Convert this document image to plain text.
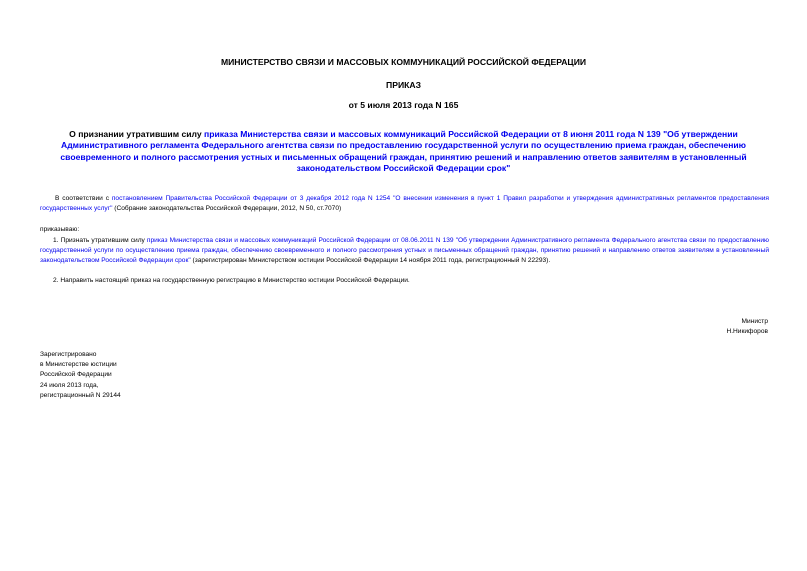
МИНИСТЕРСТВО СВЯЗИ И МАССОВЫХ КОММУНИКАЦИЙ РОССИЙСКОЙ ФЕДЕРАЦИИ
ПРИКАЗ
от 5 июля 2013 года N 165
О признании утратившим силу приказа Министерства связи и массовых коммуникаций Российской Федерации от 8 июня 2011 года N 139 "Об утверждении Административного регламента Федерального агентства связи по предоставлению государственной услуги по осуществлению приема граждан, обеспечению своевременного и полного рассмотрения устных и письменных обращений граждан, принятию решений и направлению ответов заявителям в установленный законодательством Российской Федерации срок"
В соответствии с постановлением Правительства Российской Федерации от 3 декабря 2012 года N 1254 "О внесении изменения в пункт 1 Правил разработки и утверждения административных регламентов предоставления государственных услуг" (Собрание законодательства Российской Федерации, 2012, N 50, ст.7070)
приказываю:
1. Признать утратившим силу приказ Министерства связи и массовых коммуникаций Российской Федерации от 08.06.2011 N 139 "Об утверждении Административного регламента Федерального агентства связи по предоставлению государственной услуги по осуществлению приема граждан, обеспечению своевременного и полного рассмотрения устных и письменных обращений граждан, принятию решений и направлению ответов заявителям в установленный законодательством Российской Федерации срок" (зарегистрирован Министерством юстиции Российской Федерации 14 ноября 2011 года, регистрационный N 22293).
2. Направить настоящий приказ на государственную регистрацию в Министерство юстиции Российской Федерации.
Министр
Н.Никифоров
Зарегистрировано
в Министерстве юстиции
Российской Федерации
24 июля 2013 года,
регистрационный N 29144
